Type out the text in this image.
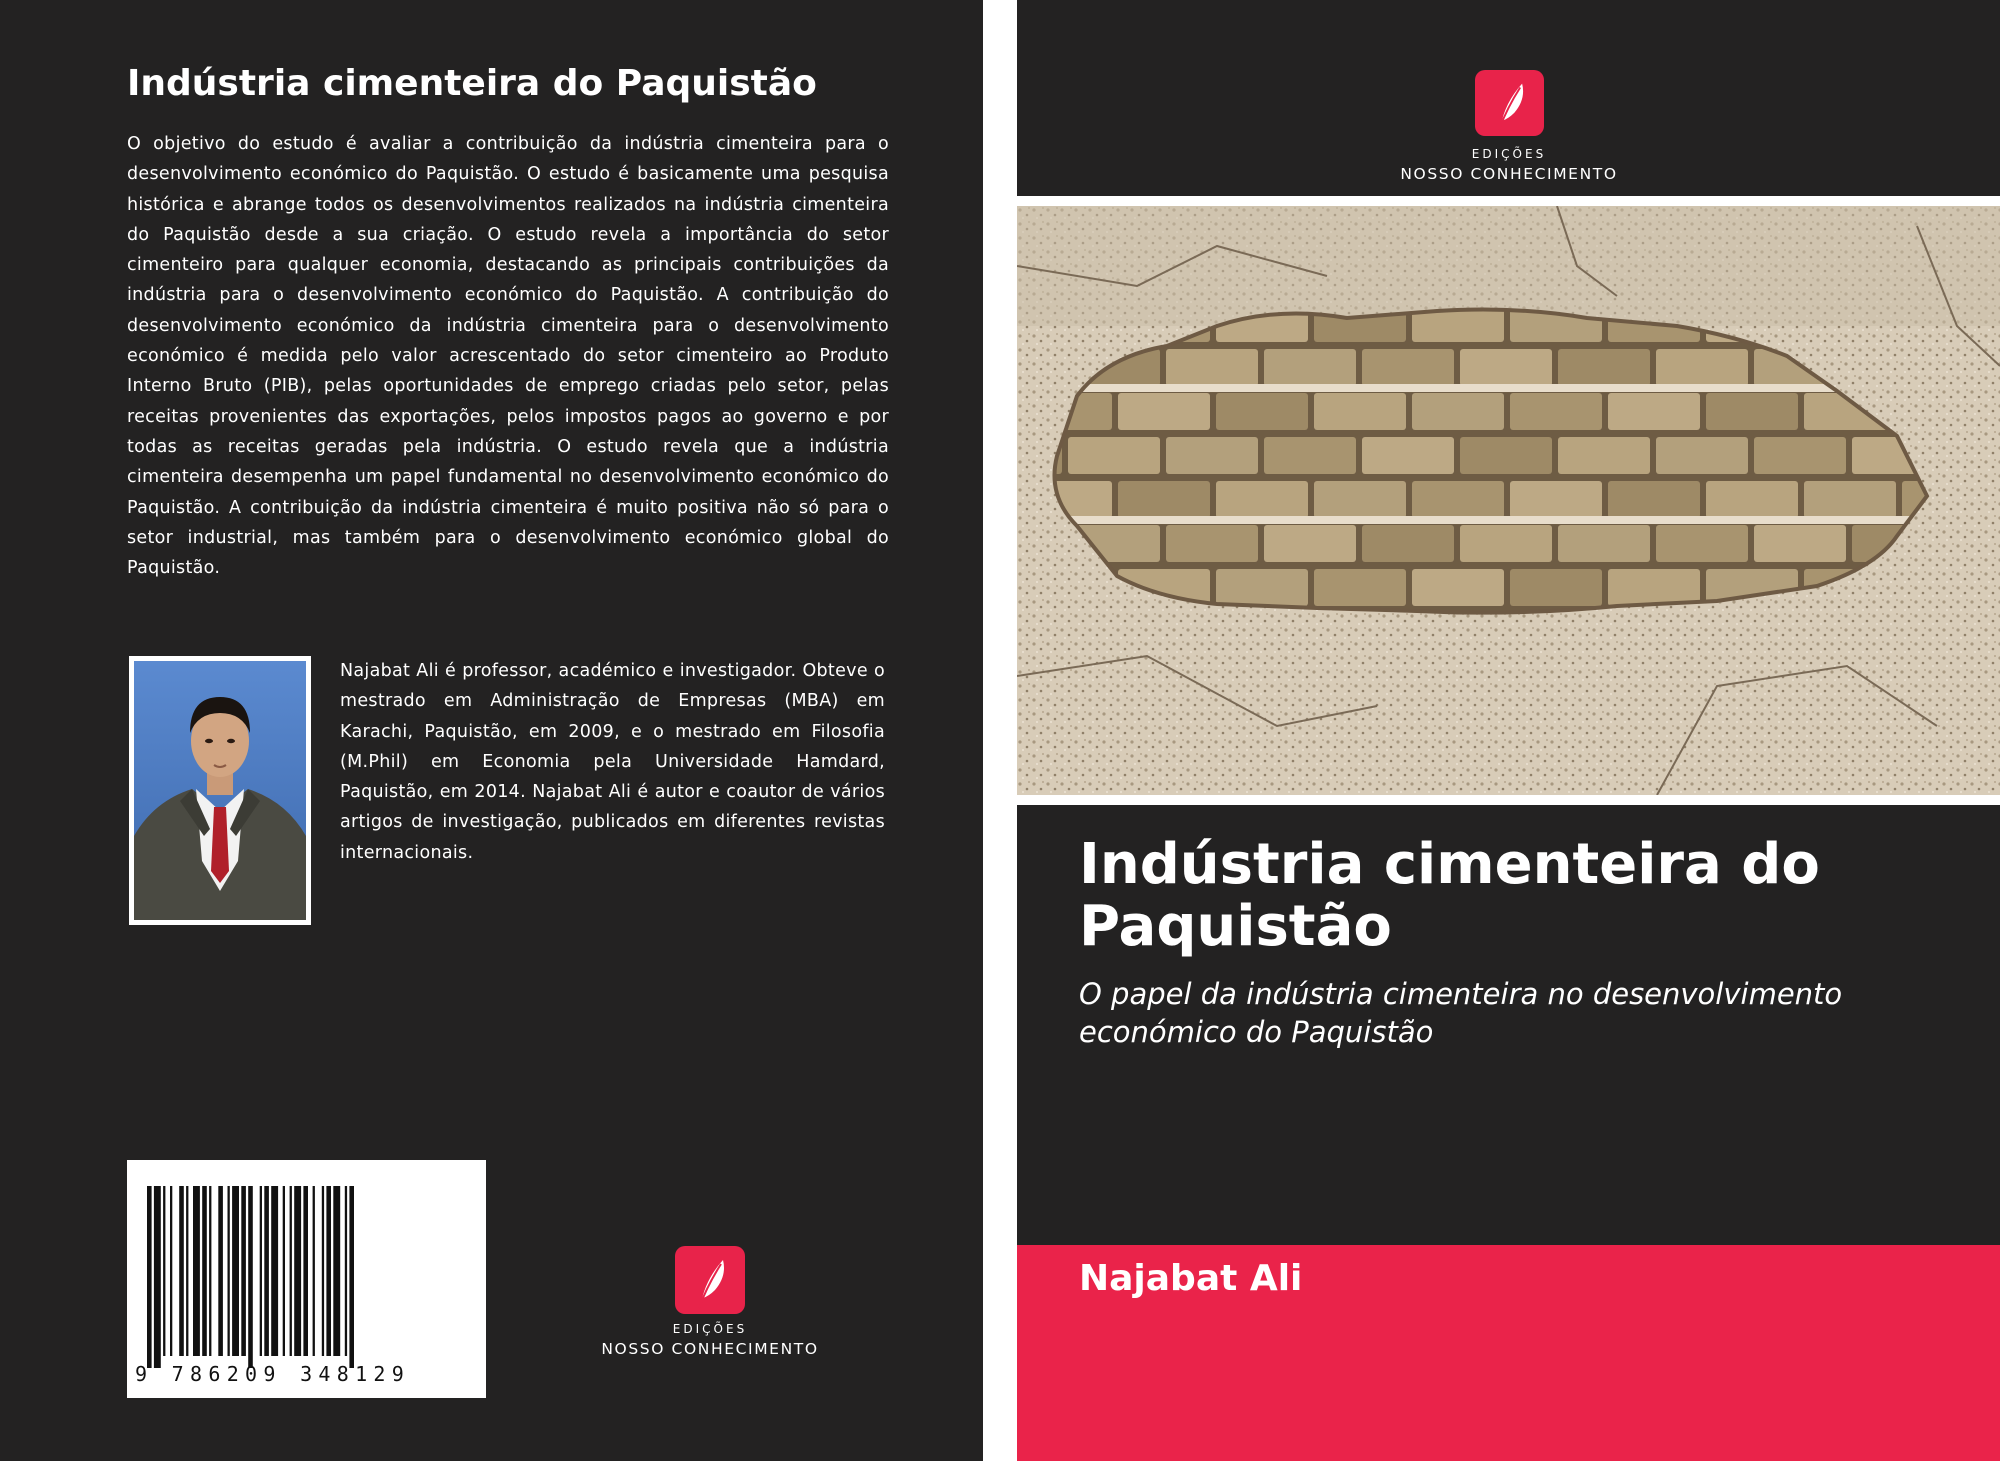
Indústria cimenteira do Paquistão

O objetivo do estudo é avaliar a contribuição da indústria cimenteira para o desenvolvimento económico do Paquistão. O estudo é basicamente uma pesquisa histórica e abrange todos os desenvolvimentos realizados na indústria cimenteira do Paquistão desde a sua criação. O estudo revela a importância do setor cimenteiro para qualquer economia, destacando as principais contribuições da indústria para o desenvolvimento económico do Paquistão. A contribuição do desenvolvimento económico da indústria cimenteira para o desenvolvimento económico é medida pelo valor acrescentado do setor cimenteiro ao Produto Interno Bruto (PIB), pelas oportunidades de emprego criadas pelo setor, pelas receitas provenientes das exportações, pelos impostos pagos ao governo e por todas as receitas geradas pela indústria. O estudo revela que a indústria cimenteira desempenha um papel fundamental no desenvolvimento económico do Paquistão. A contribuição da indústria cimenteira é muito positiva não só para o setor industrial, mas também para o desenvolvimento económico global do Paquistão.

Najabat Ali é professor, académico e investigador. Obteve o mestrado em Administração de Empresas (MBA) em Karachi, Paquistão, em 2009, e o mestrado em Filosofia (M.Phil) em Economia pela Universidade Hamdard, Paquistão, em 2014. Najabat Ali é autor e coautor de vários artigos de investigação, publicados em diferentes revistas internacionais.

9 786209 348129
EDIÇÕES
NOSSO CONHECIMENTO
EDIÇÕES
NOSSO CONHECIMENTO
Indústria cimenteira do Paquistão

O papel da indústria cimenteira no desenvolvimento económico do Paquistão

Najabat Ali
